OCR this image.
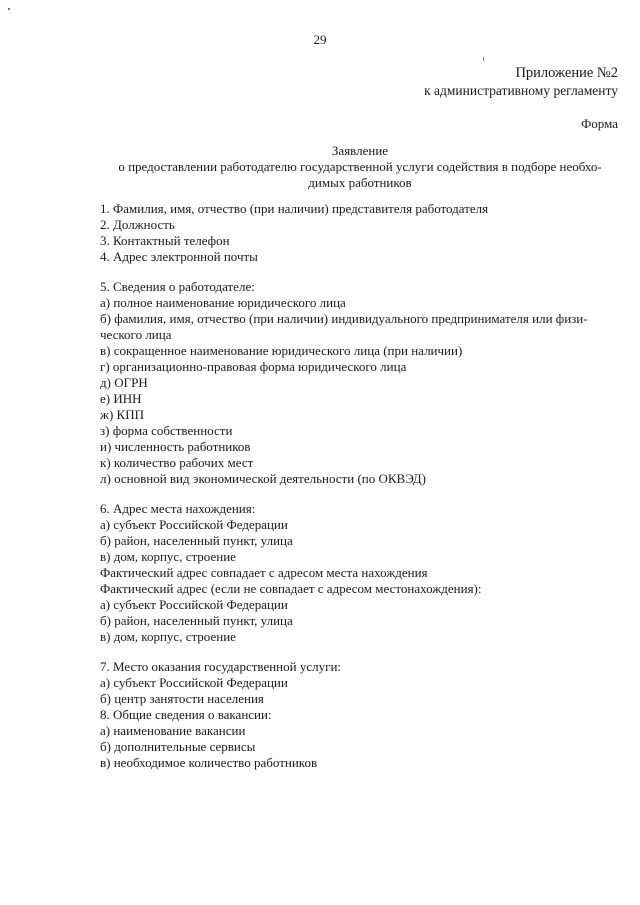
29
Приложение №2
к административному регламенту
Форма
Заявление
о предоставлении работодателю государственной услуги содействия в подборе необхо-димых работников
1. Фамилия, имя, отчество (при наличии) представителя работодателя
2. Должность
3. Контактный телефон
4. Адрес электронной почты
5. Сведения о работодателе:
а) полное наименование юридического лица
б) фамилия, имя, отчество (при наличии) индивидуального предпринимателя или физи-ческого лица
в) сокращенное наименование юридического лица (при наличии)
г) организационно-правовая форма юридического лица
д) ОГРН
е) ИНН
ж) КПП
з) форма собственности
и) численность работников
к) количество рабочих мест
л) основной вид экономической деятельности (по ОКВЭД)
6. Адрес места нахождения:
а) субъект Российской Федерации
б) район, населенный пункт, улица
в) дом, корпус, строение
Фактический адрес совпадает с адресом места нахождения
Фактический адрес (если не совпадает с адресом местонахождения):
а) субъект Российской Федерации
б) район, населенный пункт, улица
в) дом, корпус, строение
7. Место оказания государственной услуги:
а) субъект Российской Федерации
б) центр занятости населения
8. Общие сведения о вакансии:
а) наименование вакансии
б) дополнительные сервисы
в) необходимое количество работников
